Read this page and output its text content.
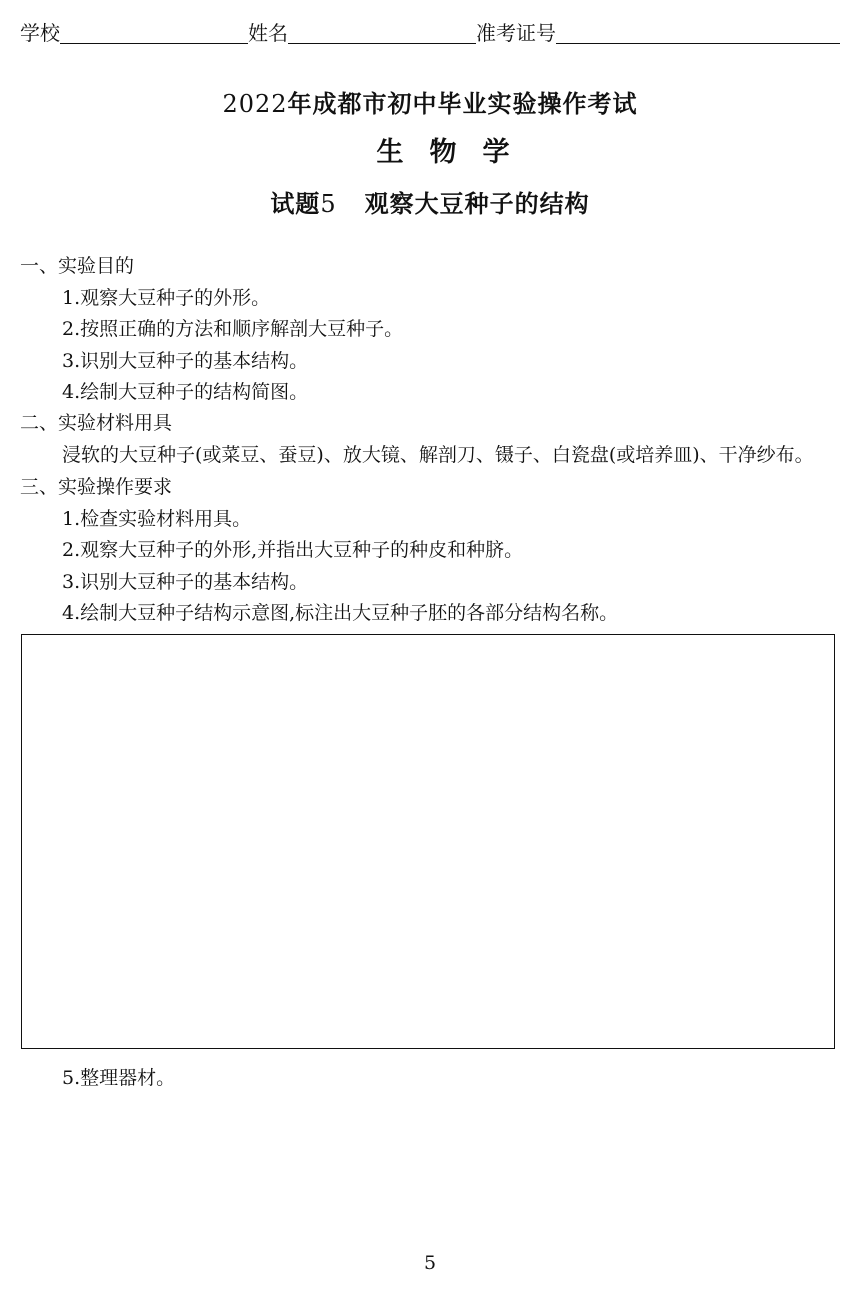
学校	姓名	准考证号
2022年成都市初中毕业实验操作考试
生物学
试题5 观察大豆种子的结构
一、实验目的
1.观察大豆种子的外形。
2.按照正确的方法和顺序解剖大豆种子。
3.识别大豆种子的基本结构。
4.绘制大豆种子的结构简图。
二、实验材料用具
浸软的大豆种子(或菜豆、蚕豆)、放大镜、解剖刀、镊子、白瓷盘(或培养皿)、干净纱布。
三、实验操作要求
1.检查实验材料用具。
2.观察大豆种子的外形,并指出大豆种子的种皮和种脐。
3.识别大豆种子的基本结构。
4.绘制大豆种子结构示意图,标注出大豆种子胚的各部分结构名称。
5.整理器材。
5
